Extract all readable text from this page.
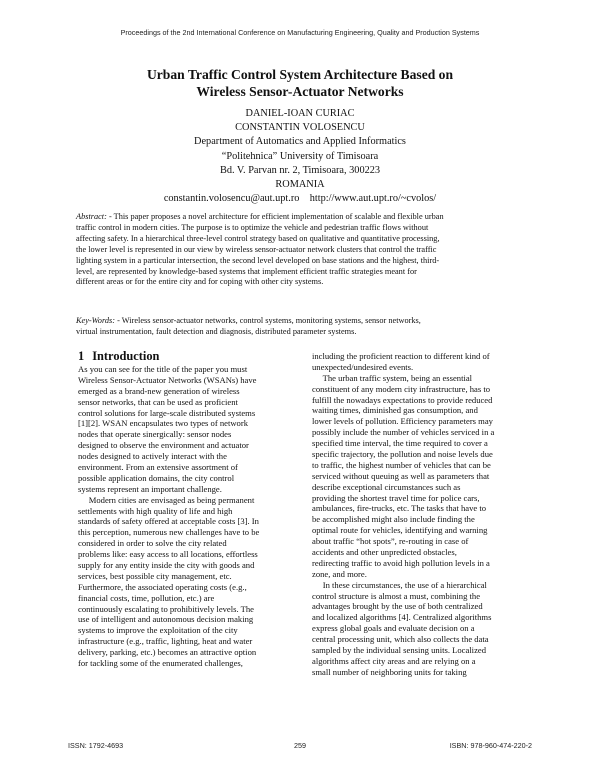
Proceedings of the 2nd International Conference on Manufacturing Engineering, Quality and Production Systems
Urban Traffic Control System Architecture Based on
Wireless Sensor-Actuator Networks
DANIEL-IOAN CURIAC
CONSTANTIN VOLOSENCU
Department of Automatics and Applied Informatics
“Politehnica” University of Timisoara
Bd. V. Parvan nr. 2, Timisoara, 300223
ROMANIA
constantin.volosencu@aut.upt.ro    http://www.aut.upt.ro/~cvolos/
Abstract: - This paper proposes a novel architecture for efficient implementation of scalable and flexible urban
traffic control in modern cities. The purpose is to optimize the vehicle and pedestrian traffic flows without
affecting safety. In a hierarchical three-level control strategy based on qualitative and quantitative processing,
the lower level is represented in our view by wireless sensor-actuator network clusters that control the traffic
lighting system in a particular intersection, the second level developed on base stations and the highest, third-
level, are represented by knowledge-based systems that implement efficient traffic strategies meant for
different areas or for the entire city and for coping with other city systems.
Key-Words: - Wireless sensor-actuator networks, control systems, monitoring systems, sensor networks,
virtual instrumentation, fault detection and diagnosis, distributed parameter systems.
1 Introduction
As you can see for the title of the paper you must
Wireless Sensor-Actuator Networks (WSANs) have
emerged as a brand-new generation of wireless
sensor networks, that can be used as proficient
control solutions for large-scale distributed systems
[1][2]. WSAN encapsulates two types of network
nodes that operate sinergically: sensor nodes
designed to observe the environment and actuator
nodes designed to actively interact with the
environment. From an extensive assortment of
possible application domains, the city control
systems represent an important challenge.
Modern cities are envisaged as being permanent
settlements with high quality of life and high
standards of safety offered at acceptable costs [3]. In
this perception, numerous new challenges have to be
considered in order to solve the city related
problems like: easy access to all locations, effortless
supply for any entity inside the city with goods and
services, best possible city management, etc.
Furthermore, the associated operating costs (e.g.,
financial costs, time, pollution, etc.) are
continuously escalating to prohibitively levels. The
use of intelligent and autonomous decision making
systems to improve the exploitation of the city
infrastructure (e.g., traffic, lighting, heat and water
delivery, parking, etc.) becomes an attractive option
for tackling some of the enumerated challenges,
including the proficient reaction to different kind of
unexpected/undesired events.
The urban traffic system, being an essential
constituent of any modern city infrastructure, has to
fulfill the nowadays expectations to provide reduced
waiting times, diminished gas consumption, and
lower levels of pollution. Efficiency parameters may
possibly include the number of vehicles serviced in a
specified time interval, the time required to cover a
specific trajectory, the pollution and noise levels due
to traffic, the highest number of vehicles that can be
serviced without queuing as well as parameters that
describe exceptional circumstances such as
providing the shortest travel time for police cars,
ambulances, fire-trucks, etc. The tasks that have to
be accomplished might also include finding the
optimal route for vehicles, identifying and warning
about traffic “hot spots”, re-routing in case of
accidents and other unpredicted obstacles,
redirecting traffic to avoid high pollution levels in a
zone, and more.
In these circumstances, the use of a hierarchical
control structure is almost a must, combining the
advantages brought by the use of both centralized
and localized algorithms [4]. Centralized algorithms
express global goals and evaluate decision on a
central processing unit, which also collects the data
sampled by the individual sensing units. Localized
algorithms affect city areas and are relying on a
small number of neighboring units for taking
ISSN: 1792-4693	259	ISBN: 978-960-474-220-2
